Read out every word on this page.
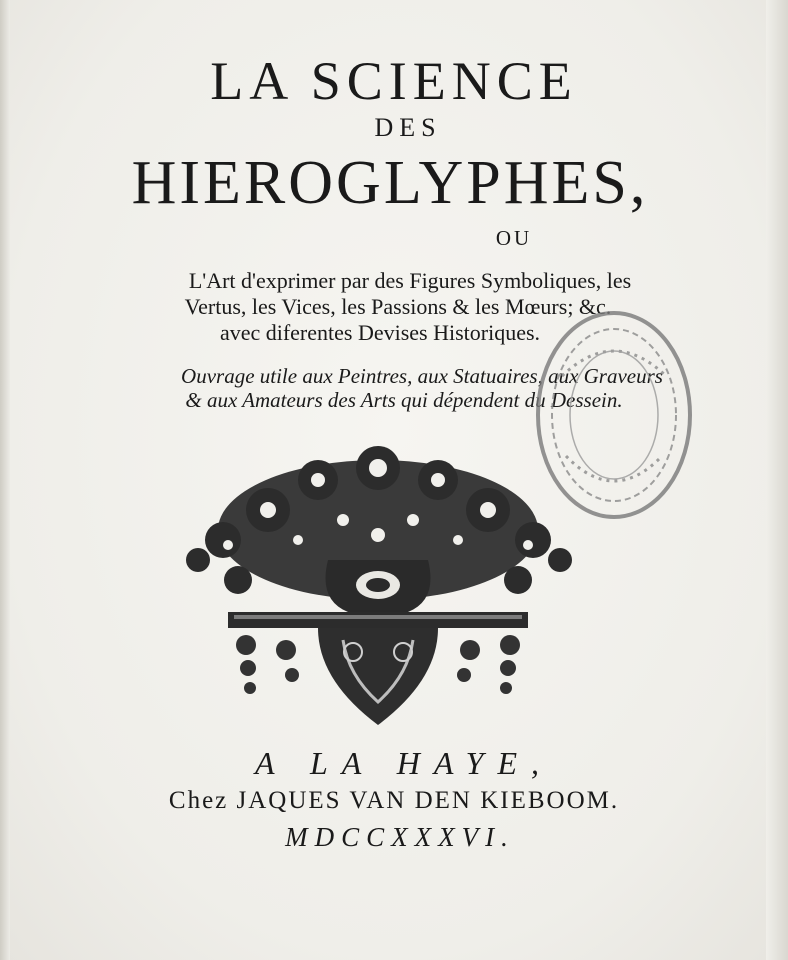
LA SCIENCE
DES
HIEROGLYPHES,
OU
L'Art d'exprimer par des Figures Symboliques, les
Vertus, les Vices, les Passions & les Mœurs; &c.
avec diferentes Devises Historiques.
Ouvrage utile aux Peintres, aux Statuaires, aux Graveurs
& aux Amateurs des Arts qui dépendent du Dessein.
A LA HAYE,
Chez JAQUES VAN DEN KIEBOOM.
MDCCXXXVI.
